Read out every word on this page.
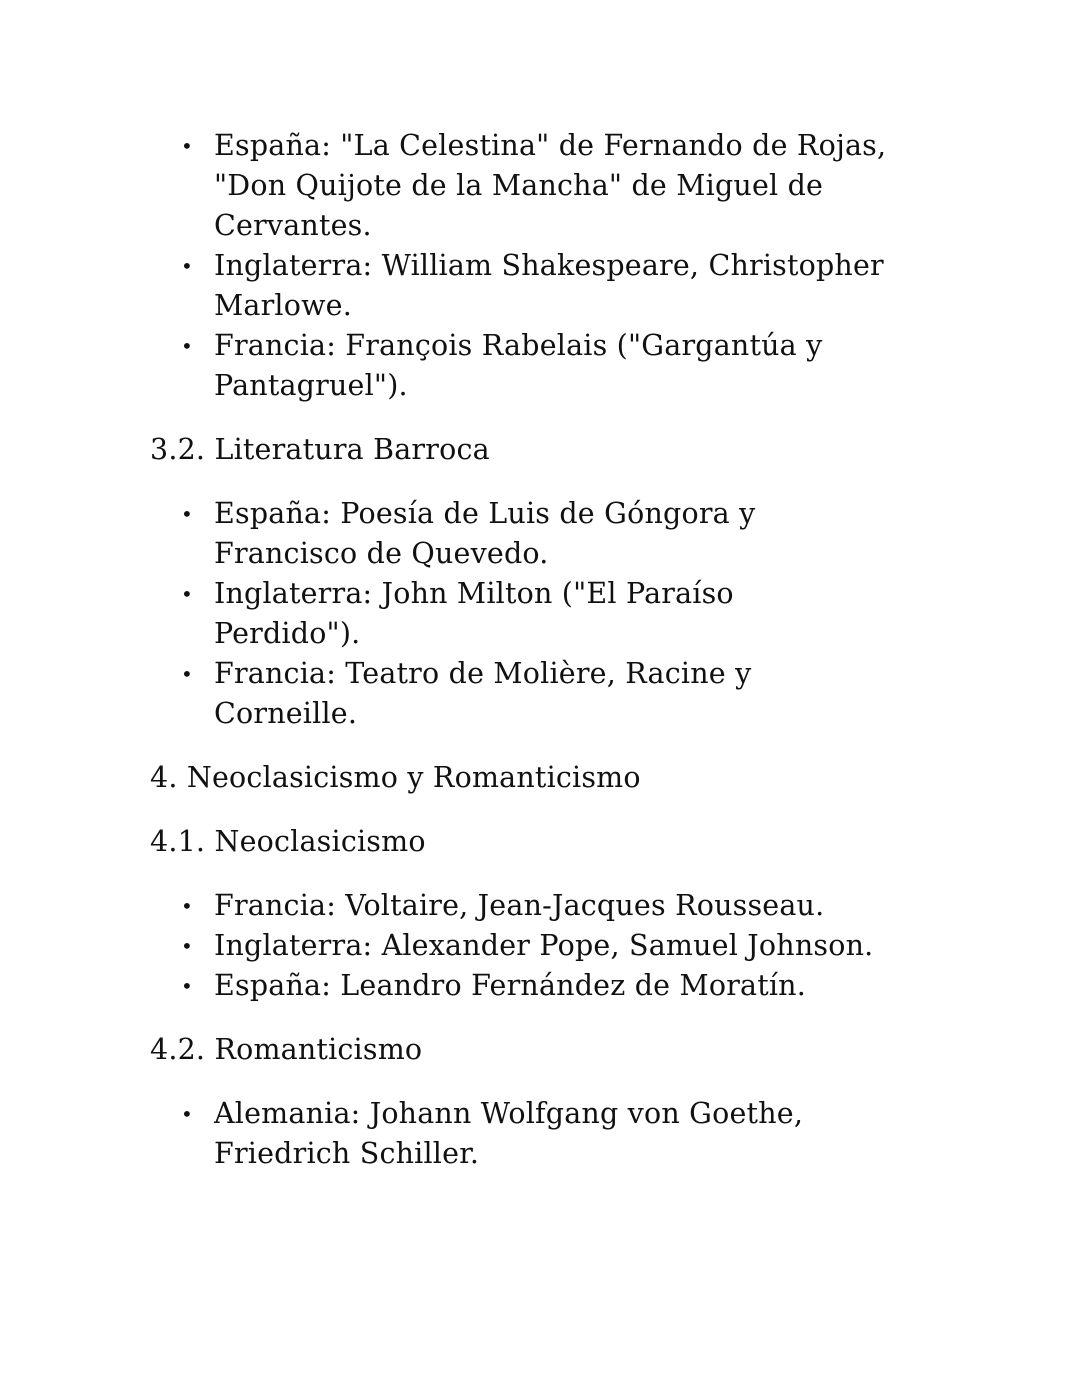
• España: "La Celestina" de Fernando de Rojas, "Don Quijote de la Mancha" de Miguel de Cervantes.
• Inglaterra: William Shakespeare, Christopher Marlowe.
• Francia: François Rabelais ("Gargantúa y Pantagruel").
3.2. Literatura Barroca
• España: Poesía de Luis de Góngora y Francisco de Quevedo.
• Inglaterra: John Milton ("El Paraíso Perdido").
• Francia: Teatro de Molière, Racine y Corneille.
4. Neoclasicismo y Romanticismo
4.1. Neoclasicismo
• Francia: Voltaire, Jean-Jacques Rousseau.
• Inglaterra: Alexander Pope, Samuel Johnson.
• España: Leandro Fernández de Moratín.
4.2. Romanticismo
• Alemania: Johann Wolfgang von Goethe, Friedrich Schiller.
